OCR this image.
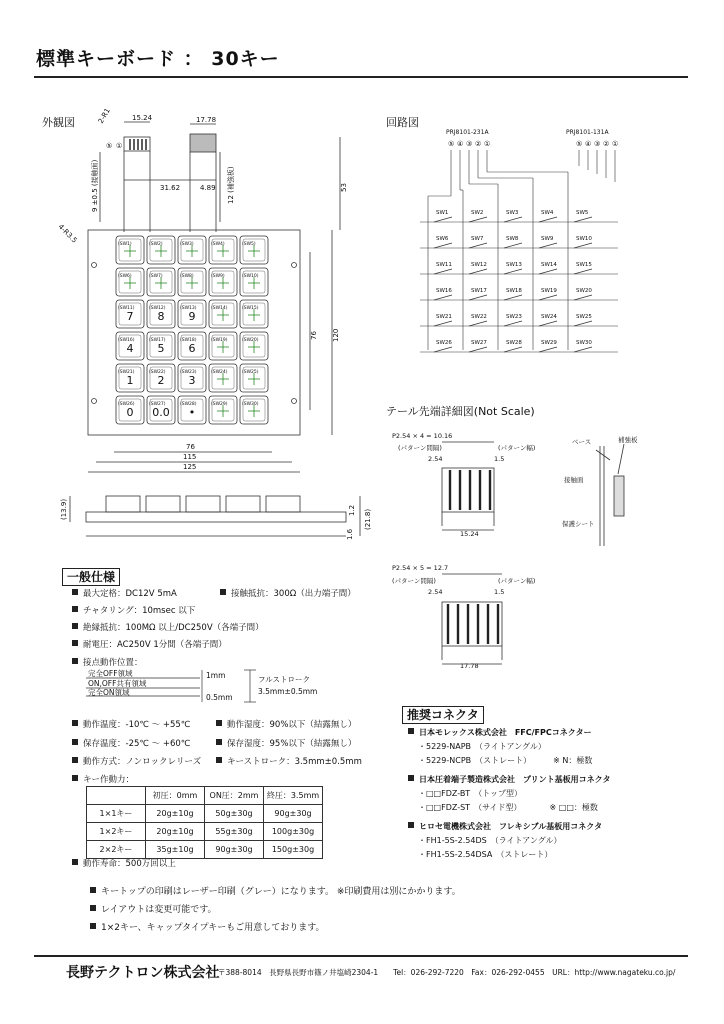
標準キーボード ： 30キー
外観図	回路図
テール先端詳細図(Not Scale)
⑤ ①
15.24	17.78
2-R1
31.62	4.89
9 ±0.5 (接触面)	12 (補強板)	53
4-R3.5
76 120
76
115
125
(13.9)	(21.8)
1.2
1.6
(SW1)	(SW2)	(SW3)	(SW4)	(SW5)
(SW6)	(SW7)	(SW8)	(SW9)	(SW10)
(SW11)
7
(SW12)
8
(SW13)
9
(SW14)	(SW15)
(SW16)
4
(SW17)
5
(SW18)
6
(SW19)	(SW20)
(SW21)
1
(SW22)
2
(SW23)
3
(SW24)	(SW25)
(SW26)
0
(SW27)
0.0
(SW28)
•
(SW29)	(SW30)
PRJ8101-231A	PRJ8101-131A
⑤ ④ ③ ② ①	⑤ ④ ③ ② ①
SW1	SW2	SW3	SW4	SW5
SW6	SW7	SW8	SW9	SW10
SW11	SW12	SW13	SW14	SW15
SW16	SW17	SW18	SW19	SW20
SW21	SW22	SW23	SW24	SW25
SW26	SW27	SW28	SW29	SW30
P2.54 × 4 = 10.16
(パターン間隔)	(パターン幅)
2.54	1.5
15.24
ベース	補強板
接触面
保護シート
P2.54 × 5 = 12.7
(パターン間隔)	(パターン幅)
2.54	1.5
17.78
一般仕様
最大定格：DC12V 5mA	接触抵抗：300Ω（出力端子間）
チャタリング：10msec 以下
絶縁抵抗：100MΩ 以上/DC250V（各端子間）
耐電圧：AC250V 1分間（各端子間）
接点動作位置：
完全OFF領域
ON,OFF共有領域
完全ON領域
1mm
0.5mm
フルストローク
3.5mm±0.5mm
動作温度：-10℃ ～ +55℃	動作湿度：90%以下（結露無し）
保存温度：-25℃ ～ +60℃	保存湿度：95%以下（結露無し）
動作方式：ノンロックレリーズ	キーストローク：3.5mm±0.5mm
キー作動力：
	初圧：0mm	ON圧：2mm	終圧：3.5mm
1×1キー	20g±10g	50g±30g	90g±30g
1×2キー	20g±10g	55g±30g	100g±30g
2×2キー	35g±10g	90g±30g	150g±30g
動作寿命：500万回以上
推奨コネクタ
日本モレックス株式会社　FFC/FPCコネクター
・5229-NAPB　（ライトアングル）
・5229-NCPB　（ストレート）	※ N：極数
日本圧着端子製造株式会社　プリント基板用コネクタ
・□□FDZ-BT　（トップ型）
・□□FDZ-ST　（サイド型）	※ □□：極数
ヒロセ電機株式会社　フレキシブル基板用コネクタ
・FH1-5S-2.54DS　（ライトアングル）
・FH1-5S-2.54DSA　（ストレート）
キートップの印刷はレーザー印刷（グレー）になります。 ※印刷費用は別にかかります。
レイアウトは変更可能です。
1×2キー、キャップタイプキーもご用意しております。
長野テクトロン株式会社
〒388-8014　長野県長野市篠ノ井塩崎2304-1　　Tel：026-292-7220　Fax：026-292-0455　URL：http://www.nagateku.co.jp/
